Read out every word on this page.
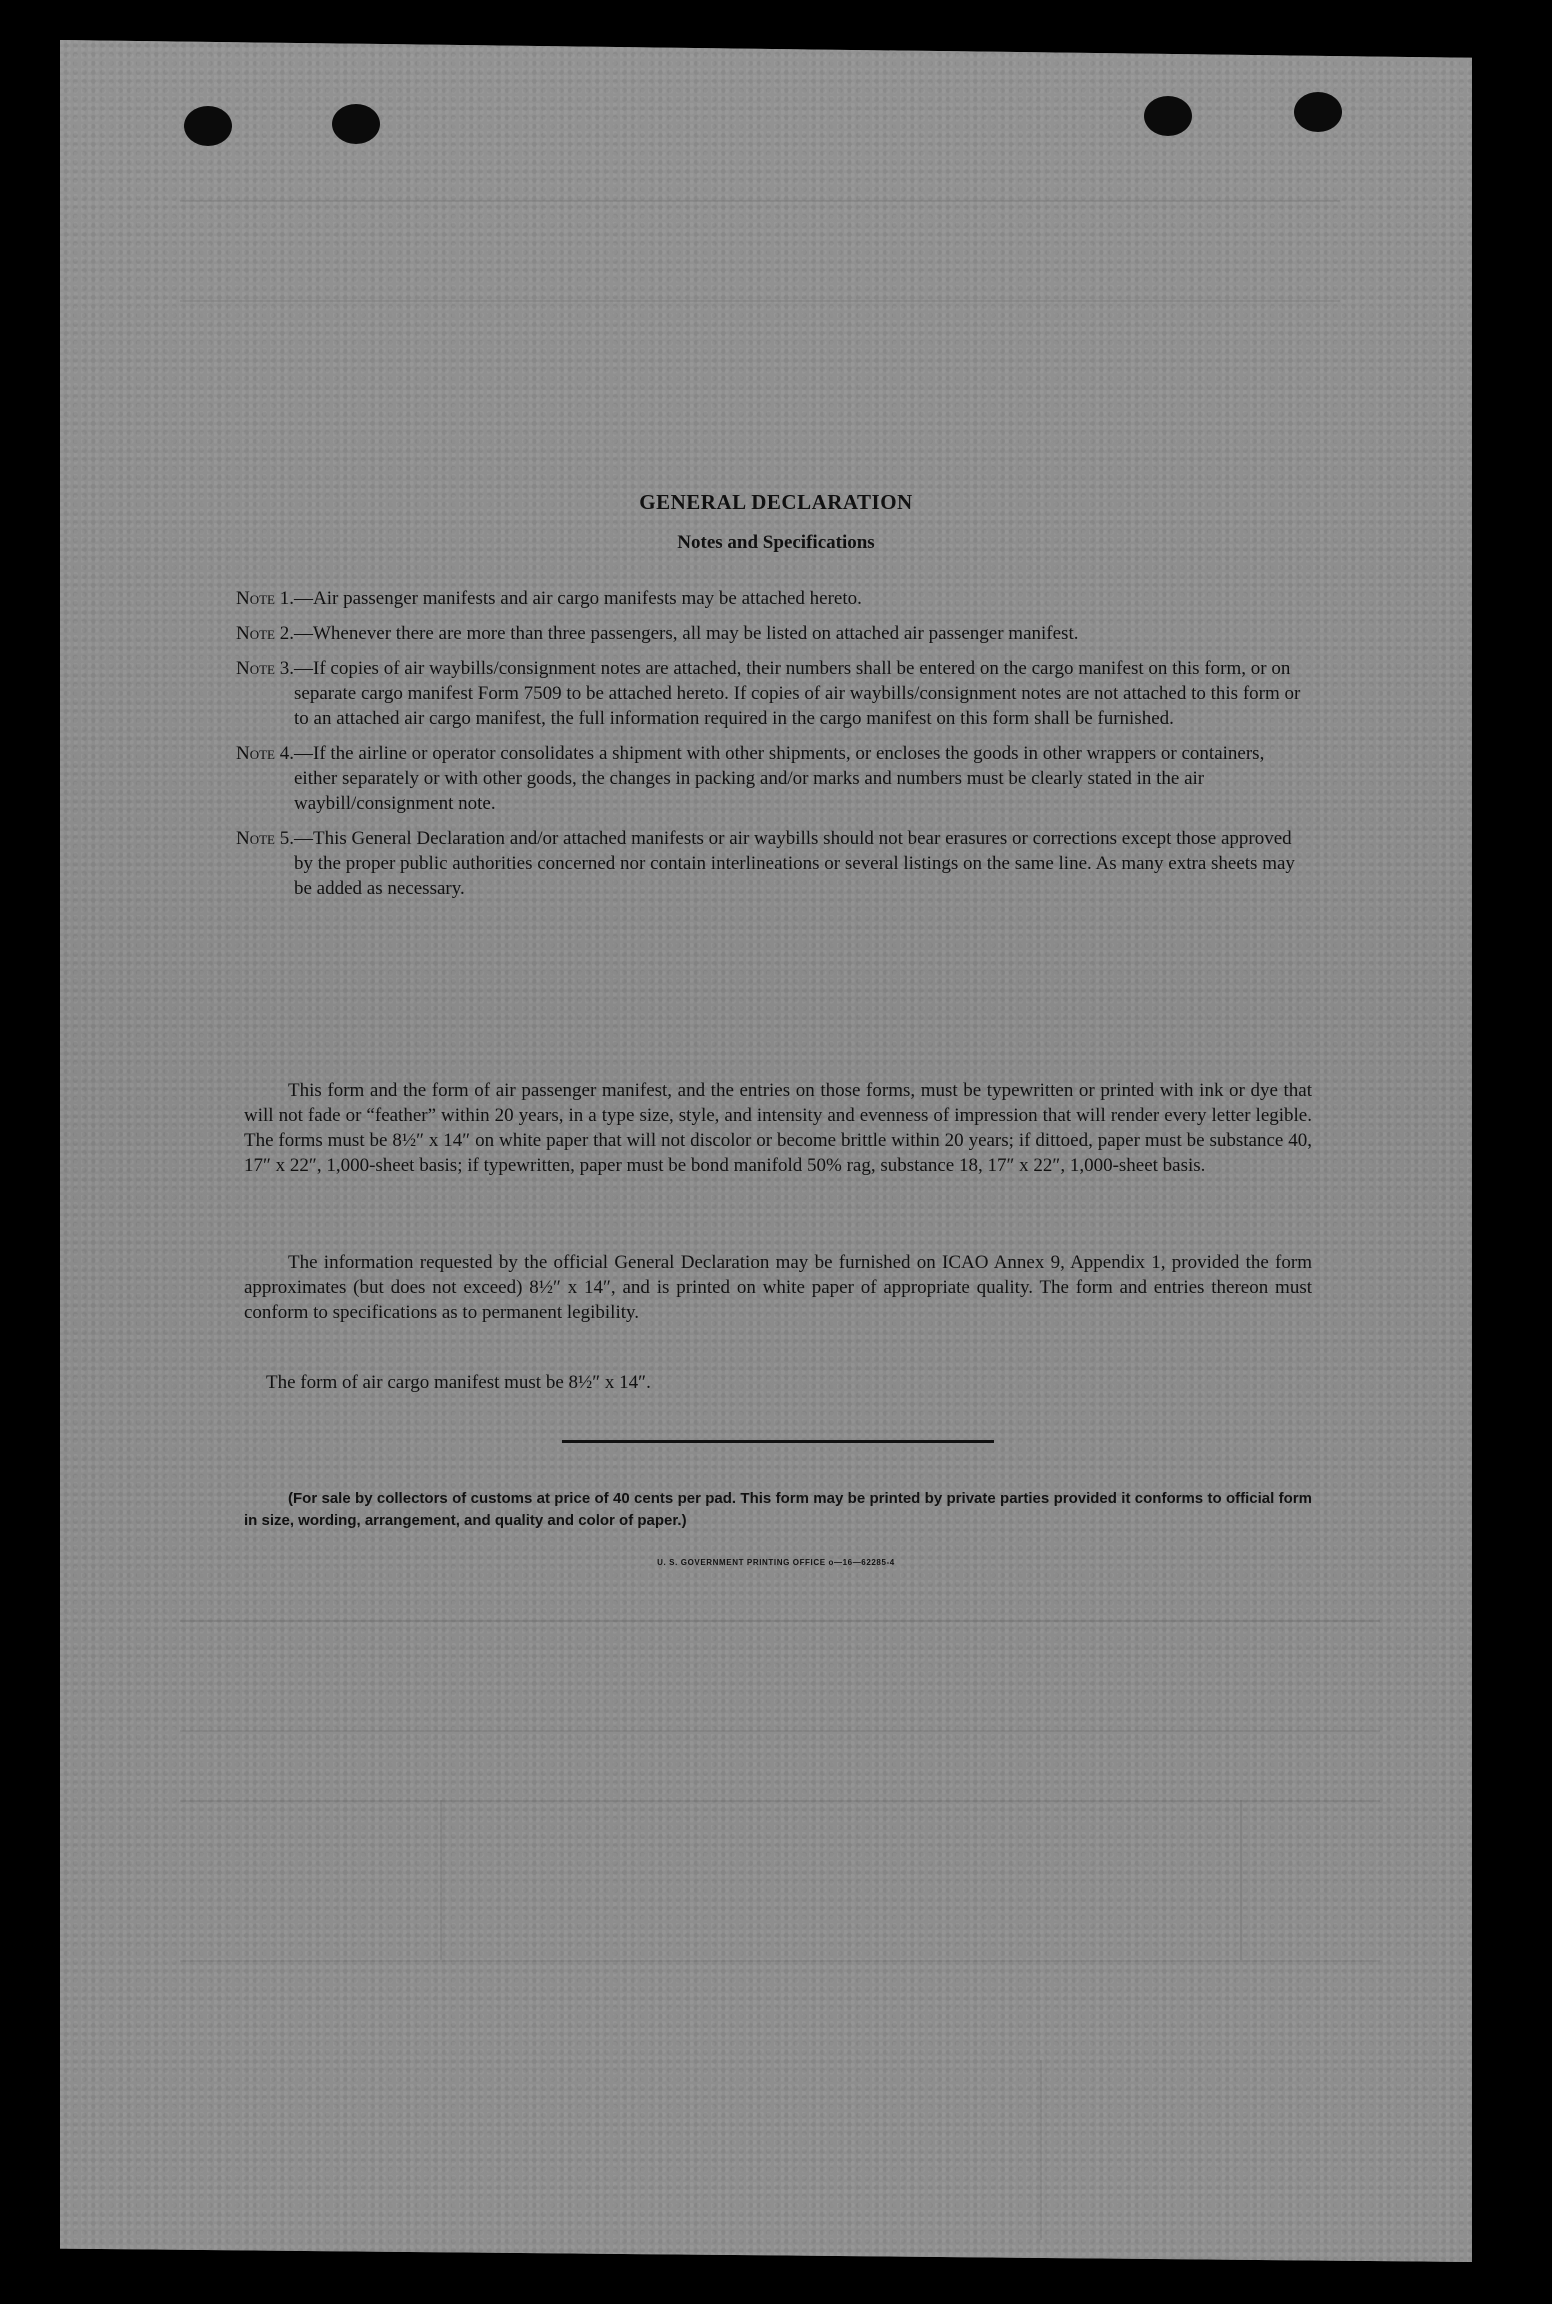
GENERAL DECLARATION
Notes and Specifications
Note 1. —Air passenger manifests and air cargo manifests may be attached hereto.
Note 2. —Whenever there are more than three passengers, all may be listed on attached air passenger manifest.
Note 3. —If copies of air waybills/consignment notes are attached, their numbers shall be entered on the cargo manifest on this form, or on separate cargo manifest Form 7509 to be attached hereto. If copies of air waybills/consignment notes are not attached to this form or to an attached air cargo manifest, the full information required in the cargo manifest on this form shall be furnished.
Note 4. —If the airline or operator consolidates a shipment with other shipments, or encloses the goods in other wrappers or containers, either separately or with other goods, the changes in packing and/or marks and numbers must be clearly stated in the air waybill/consignment note.
Note 5. —This General Declaration and/or attached manifests or air waybills should not bear erasures or corrections except those approved by the proper public authorities concerned nor contain interlineations or several listings on the same line. As many extra sheets may be added as necessary.
This form and the form of air passenger manifest, and the entries on those forms, must be typewritten or printed with ink or dye that will not fade or “feather” within 20 years, in a type size, style, and intensity and evenness of impression that will render every letter legible. The forms must be 8½″ x 14″ on white paper that will not discolor or become brittle within 20 years; if dittoed, paper must be substance 40, 17″ x 22″, 1,000-sheet basis; if typewritten, paper must be bond manifold 50% rag, substance 18, 17″ x 22″, 1,000-sheet basis.
The information requested by the official General Declaration may be furnished on ICAO Annex 9, Appendix 1, provided the form approximates (but does not exceed) 8½″ x 14″, and is printed on white paper of appropriate quality. The form and entries thereon must conform to specifications as to permanent legibility.
The form of air cargo manifest must be 8½″ x 14″.
(For sale by collectors of customs at price of 40 cents per pad. This form may be printed by private parties provided it conforms to official form in size, wording, arrangement, and quality and color of paper.)
U. S. GOVERNMENT PRINTING OFFICE o—16—62285-4
